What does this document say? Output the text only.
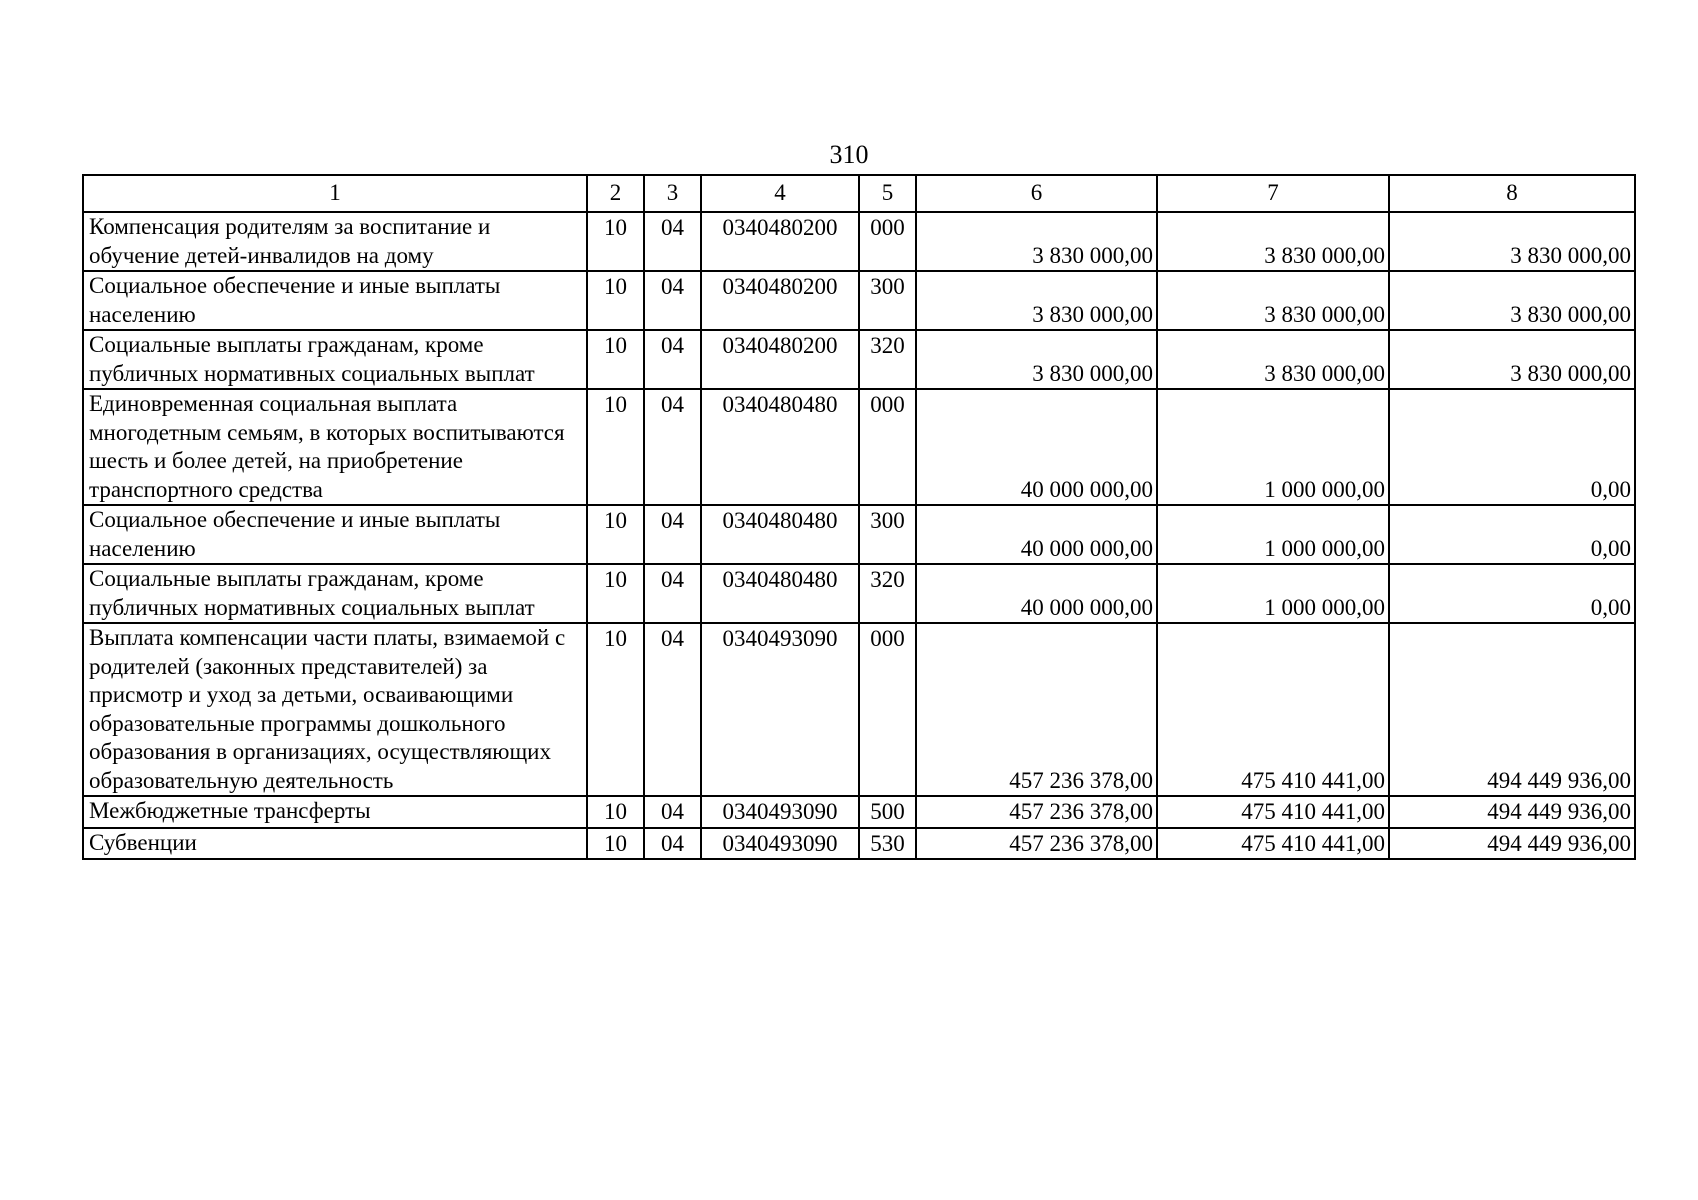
310
1	2	3	4	5	6	7	8
Компенсация родителям за воспитание и обучение детей-инвалидов на дому	10	04	0340480200	000	3 830 000,00	3 830 000,00	3 830 000,00
Социальное обеспечение и иные выплаты населению	10	04	0340480200	300	3 830 000,00	3 830 000,00	3 830 000,00
Социальные выплаты гражданам, кроме публичных нормативных социальных выплат	10	04	0340480200	320	3 830 000,00	3 830 000,00	3 830 000,00
Единовременная социальная выплата многодетным семьям, в которых воспитываются шесть и более детей, на приобретение транспортного средства	10	04	0340480480	000	40 000 000,00	1 000 000,00	0,00
Социальное обеспечение и иные выплаты населению	10	04	0340480480	300	40 000 000,00	1 000 000,00	0,00
Социальные выплаты гражданам, кроме публичных нормативных социальных выплат	10	04	0340480480	320	40 000 000,00	1 000 000,00	0,00
Выплата компенсации части платы, взимаемой с родителей (законных представителей) за присмотр и уход за детьми, осваивающими образовательные программы дошкольного образования в организациях, осуществляющих образовательную деятельность	10	04	0340493090	000	457 236 378,00	475 410 441,00	494 449 936,00
Межбюджетные трансферты	10	04	0340493090	500	457 236 378,00	475 410 441,00	494 449 936,00
Субвенции	10	04	0340493090	530	457 236 378,00	475 410 441,00	494 449 936,00
